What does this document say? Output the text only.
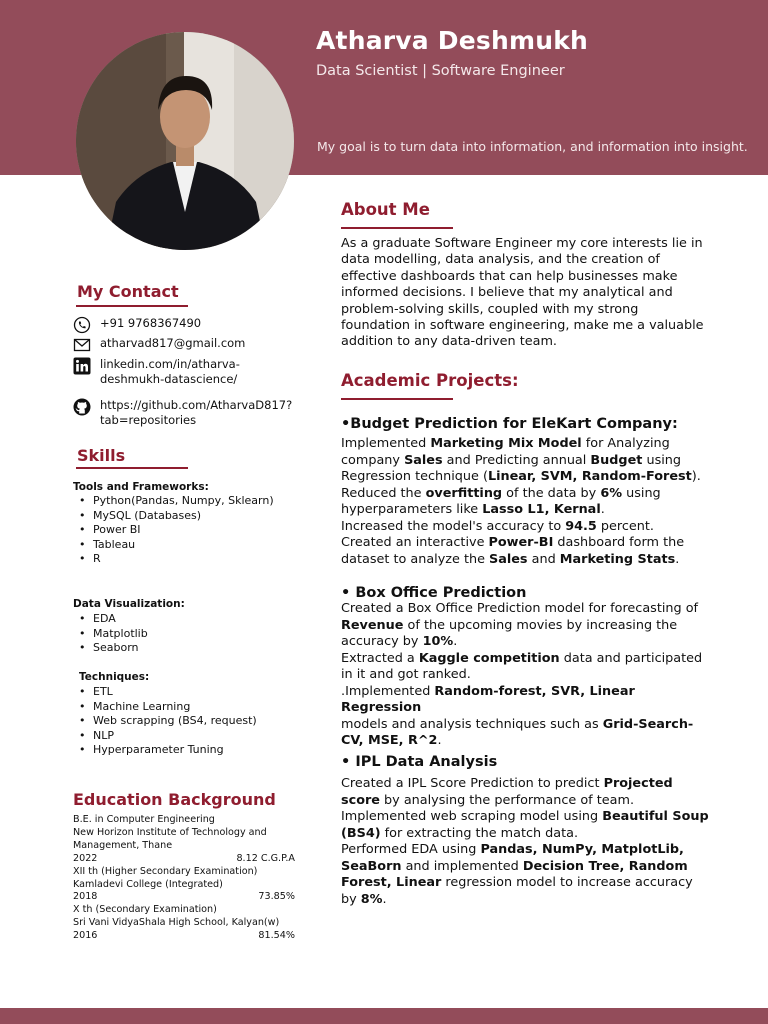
Atharva Deshmukh
Data Scientist | Software Engineer
My goal is to turn data into information, and information into insight.
My Contact
+91 9768367490
atharvad817@gmail.com
linkedin.com/in/atharva-deshmukh-datascience/
https://github.com/AtharvaD817?tab=repositories
Skills
Tools and Frameworks:
• Python(Pandas, Numpy, Sklearn)
• MySQL (Databases)
• Power BI
• Tableau
• R
Data Visualization:
• EDA
• Matplotlib
• Seaborn
Techniques:
• ETL
• Machine Learning
• Web scrapping (BS4, request)
• NLP
• Hyperparameter Tuning
Education Background
B.E. in Computer Engineering
New Horizon Institute of Technology and Management, Thane
2022	8.12 C.G.P.A
XII th (Higher Secondary Examination)
Kamladevi College (Integrated)
2018	73.85%
X th (Secondary Examination)
Sri Vani VidyaShala High School, Kalyan(w)
2016	81.54%
About Me
As a graduate Software Engineer my core interests lie in data modelling, data analysis, and the creation of effective dashboards that can help businesses make informed decisions. I believe that my analytical and problem-solving skills, coupled with my strong foundation in software engineering, make me a valuable addition to any data-driven team.
Academic Projects:
•Budget Prediction for EleKart Company:
Implemented Marketing Mix Model for Analyzing
company Sales and Predicting annual Budget using
Regression technique (Linear, SVM, Random-Forest).
Reduced the overfitting of the data by 6% using
hyperparameters like Lasso L1, Kernal.
Increased the model's accuracy to 94.5 percent.
Created an interactive Power-BI dashboard form the
dataset to analyze the Sales and Marketing Stats.
• Box Office Prediction
Created a Box Office Prediction model for forecasting of
Revenue of the upcoming movies by increasing the
accuracy by 10%.
Extracted a Kaggle competition data and participated
in it and got ranked.
.Implemented Random-forest, SVR, Linear Regression
models and analysis techniques such as Grid-Search-
CV, MSE, R^2.
• IPL Data Analysis
Created a IPL Score Prediction to predict Projected
score by analysing the performance of team.
Implemented web scraping model using Beautiful Soup
(BS4) for extracting the match data.
Performed EDA using Pandas, NumPy, MatplotLib,
SeaBorn and implemented Decision Tree, Random
Forest, Linear regression model to increase accuracy
by 8%.
